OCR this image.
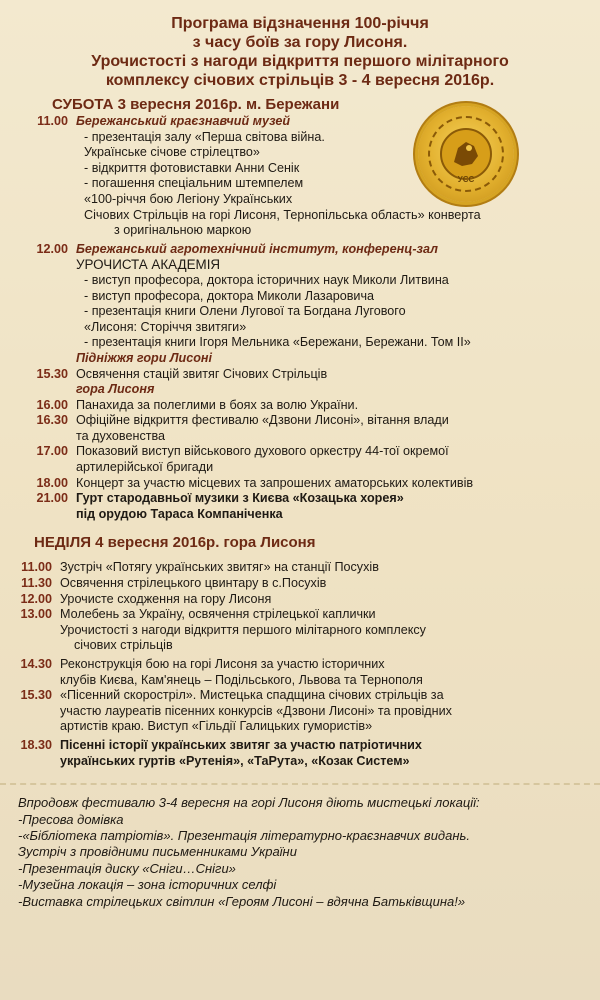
Програма відзначення 100-річчя
з часу боїв за гору Лисоня.
Урочистості з нагоди відкриття першого мілітарного
комплексу січових стрільців 3 - 4 вересня 2016р.
УСС
СУБОТА 3 вересня 2016р. м. Бережани
11.00 Бережанський краєзнавчий музей
- презентація залу «Перша світова війна.
Українське січове стрілецтво»
- відкриття фотовиставки Анни Сенік
- погашення спеціальним штемпелем
«100-річчя бою Легіону Українських
Січових Стрільців на горі Лисоня, Тернопільська область» конверта
з оригінальною маркою
12.00 Бережанський агротехнічний інститут, конференц-зал
УРОЧИСТА АКАДЕМІЯ
- виступ професора, доктора історичних наук Миколи Литвина
- виступ професора, доктора Миколи Лазаровича
- презентація книги Олени Лугової та Богдана Лугового
«Лисоня: Сторіччя звитяги»
- презентація книги Ігоря Мельника «Бережани, Бережани. Том ІІ»
Підніжжя гори Лисоні
15.30 Освячення стацій звитяг Січових Стрільців
гора Лисоня
16.00 Панахида за полеглими в боях за волю України.
16.30 Офіційне відкриття фестивалю «Дзвони Лисоні», вітання влади
та духовенства
17.00 Показовий виступ військового духового оркестру 44-тої окремої
артилерійської бригади
18.00 Концерт за участю місцевих та запрошених аматорських колективів
21.00 Гурт стародавньої музики з Києва «Козацька хорея»
під орудою Тараса Компаніченка
НЕДІЛЯ 4 вересня 2016р. гора Лисоня
11.00 Зустріч «Потягу українських звитяг» на станції Посухів
11.30 Освячення стрілецького цвинтару в с.Посухів
12.00 Урочисте сходження на гору Лисоня
13.00 Молебень за Україну, освячення стрілецької каплички
Урочистості з нагоди відкриття першого мілітарного комплексу
січових стрільців
14.30 Реконструкція бою на горі Лисоня за участю історичних
клубів Києва, Кам'янець – Подільського, Львова та Тернополя
15.30 «Пісенний скоростріл». Мистецька спадщина січових стрільців за
участю лауреатів пісенних конкурсів «Дзвони Лисоні» та провідних
артистів краю. Виступ «Гільдії Галицьких гумористів»
18.30 Пісенні історії українських звитяг за участю патріотичних
українських гуртів «Рутенія», «ТаРута», «Козак Систем»
Впродовж фестивалю 3-4 вересня на горі Лисоня діють мистецькі локації:
-Пресова домівка
-«Бібліотека патріотів». Презентація літературно-краєзнавчих видань.
Зустріч з провідними письменниками України
-Презентація диску «Сніги…Сніги»
-Музейна локація – зона історичних селфі
-Виставка стрілецьких світлин «Героям Лисоні – вдячна Батьківщина!»
